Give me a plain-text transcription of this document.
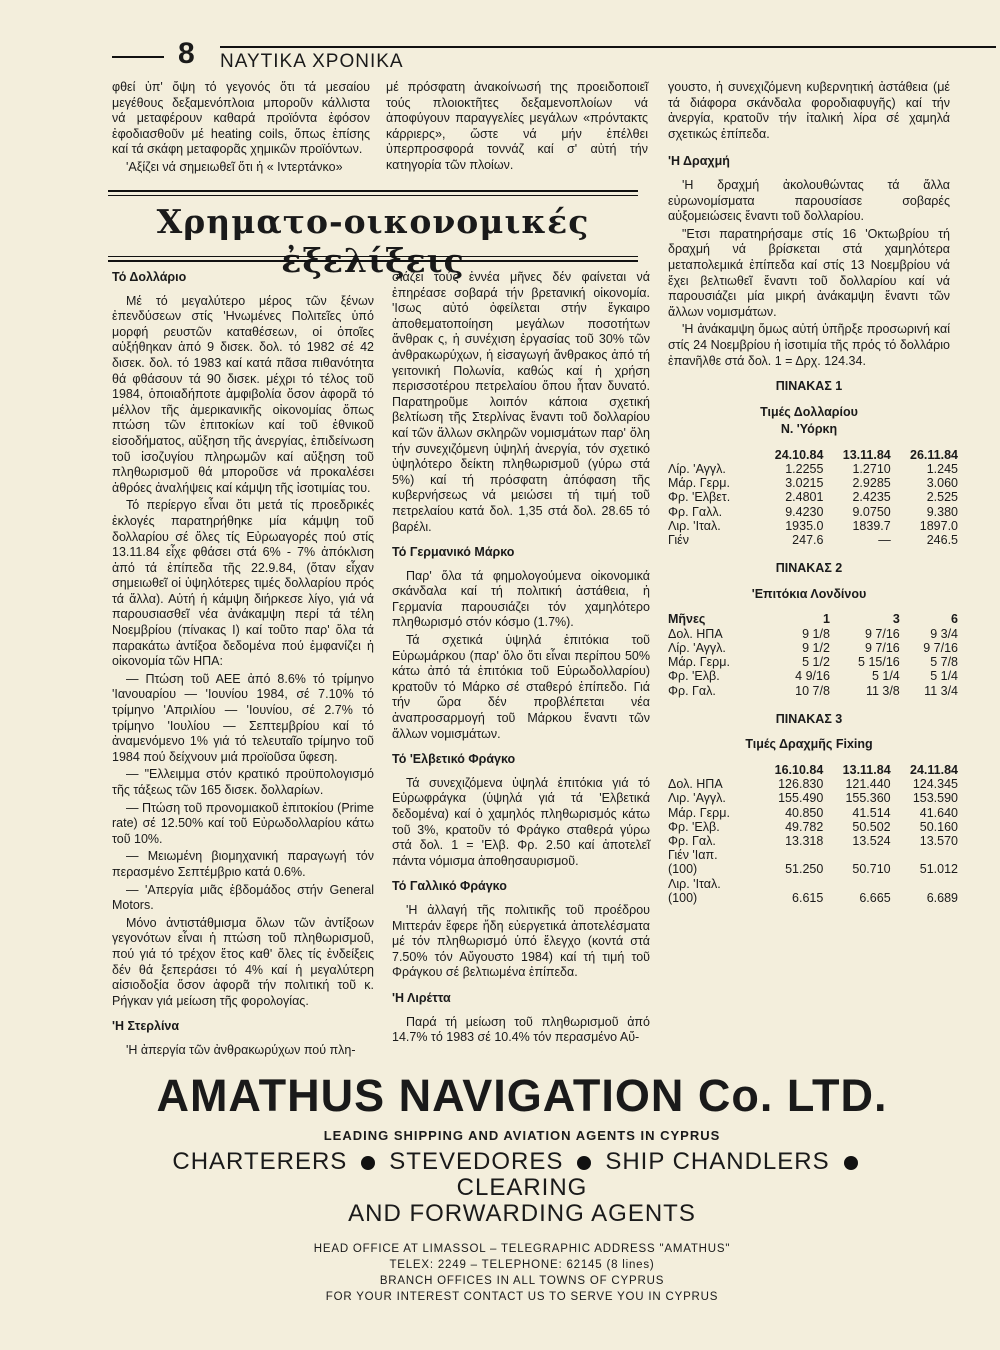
8 ΝΑΥΤΙΚΑ ΧΡΟΝΙΚΑ

φθεί ὑπ' ὄψη τό γεγονός ὅτι τά μεσαίου μεγέθους δεξαμενόπλοια μποροῦν κάλλιστα νά μεταφέρουν καθαρά προϊόντα ἐφόσον ἐφοδιασθοῦν μέ heating coils, ὅπως ἐπίσης καί τά σκάφη μεταφορᾶς χημικῶν προϊόντων.

'Αξίζει νά σημειωθεῖ ὅτι ἡ « Ιντερτάνκο»

μέ πρόσφατη ἀνακοίνωσή της προειδοποιεῖ τούς πλοιοκτῆτες δεξαμενοπλοίων νά ἀποφύγουν παραγγελίες μεγάλων «πρόντακτς κάρριερς», ὥστε νά μήν ἐπέλθει ὑπερπροσφορά τοννάζ καί σ' αὐτή τήν κατηγορία τῶν πλοίων.

Χρηματο-οικονομικές
Τό Δολλάριο

Μέ τό μεγαλύτερο μέρος τῶν ξένων ἐπενδύσεων στίς 'Ηνωμένες Πολιτεῖες ὑπό μορφή ρευστῶν καταθέσεων, οἱ ὁποῖες αὐξήθηκαν ἀπό 9 δισεκ. δολ. τό 1982 σέ 42 δισεκ. δολ. τό 1983 καί κατά πᾶσα πιθανότητα θά φθάσουν τά 90 δισεκ. μέχρι τό τέλος τοῦ 1984, ὁποιαδήποτε ἀμφιβολία ὅσον ἀφορᾶ τό μέλλον τῆς ἀμερικανικῆς οἰκονομίας ὅπως πτώση τῶν ἐπιτοκίων καί τοῦ ἐθνικοῦ εἰσοδήματος, αὔξηση τῆς ἀνεργίας, ἐπιδείνωση τοῦ ἰσοζυγίου πληρωμῶν καί αὔξηση τοῦ πληθωρισμοῦ θά μποροῦσε νά προκαλέσει ἀθρόες ἀναλήψεις καί κάμψη τῆς ἰσοτιμίας του.

Τό περίεργο εἶναι ὅτι μετά τίς προεδρικές ἐκλογές παρατηρήθηκε μία κάμψη τοῦ δολλαρίου σέ ὅλες τίς Εὐρωαγορές πού στίς 13.11.84 εἶχε φθάσει στά 6% - 7% ἀπόκλιση ἀπό τά ἐπίπεδα τῆς 22.9.84, (ὅταν εἶχαν σημειωθεῖ οἱ ὑψηλότερες τιμές δολλαρίου πρός τά ἄλλα). Αὐτή ἡ κάμψη διήρκεσε λίγο, γιά νά παρουσιασθεῖ νέα ἀνάκαμψη περί τά τέλη Νοεμβρίου (πίνακας Ι) καί τοῦτο παρ' ὅλα τά παρακάτω ἀντίξοα δεδομένα πού ἐμφανίζει ἡ οἰκονομία τῶν ΗΠΑ:

— Πτώση τοῦ ΑΕΕ ἀπό 8.6% τό τρίμηνο 'Ιανουαρίου — 'Ιουνίου 1984, σέ 7.10% τό τρίμηνο 'Απριλίου — 'Ιουνίου, σέ 2.7% τό τρίμηνο 'Ιουλίου — Σεπτεμβρίου καί τό ἀναμενόμενο 1% γιά τό τελευταῖο τρίμηνο τοῦ 1984 πού δείχνουν μιά προϊοῦσα ὕφεση.

— "Ελλειμμα στόν κρατικό προϋπολογισμό τῆς τάξεως τῶν 165 δισεκ. δολλαρίων.

— Πτώση τοῦ προνομιακοῦ ἐπιτοκίου (Prime rate) σέ 12.50% καί τοῦ Εὐρωδολλαρίου κάτω τοῦ 10%.

— Μειωμένη βιομηχανική παραγωγή τόν περασμένο Σεπτέμβριο κατά 0.6%.

— 'Απεργία μιᾶς ἑβδομάδος στήν General Motors.

Μόνο ἀντιστάθμισμα ὅλων τῶν ἀντίξοων γεγονότων εἶναι ἡ πτώση τοῦ πληθωρισμοῦ, πού γιά τό τρέχον ἔτος καθ' ὅλες τίς ἐνδείξεις δέν θά ξεπεράσει τό 4% καί ἡ μεγαλύτερη αἰσιοδοξία ὅσον ἀφορᾶ τήν πολιτική τοῦ κ. Ρήγκαν γιά μείωση τῆς φορολογίας.

'Η Στερλίνα

'Η ἀπεργία τῶν ἀνθρακωρύχων πού πλη-

σιάζει τούς ἐννέα μῆνες δέν φαίνεται νά ἐπηρέασε σοβαρά τήν βρετανική οἰκονομία. 'Ισως αὐτό ὀφείλεται στήν ἔγκαιρο ἀποθεματοποίηση μεγάλων ποσοτήτων ἄνθρακ ς, ἡ συνέχιση ἐργασίας τοῦ 30% τῶν ἀνθρακωρύχων, ἡ εἰσαγωγή ἄνθρακος ἀπό τή γειτονική Πολωνία, καθώς καί ἡ χρήση περισσοτέρου πετρελαίου ὅπου ἦταν δυνατό. Παρατηροῦμε λοιπόν κάποια σχετική βελτίωση τῆς Στερλίνας ἔναντι τοῦ δολλαρίου καί τῶν ἄλλων σκληρῶν νομισμάτων παρ' ὅλη τήν συνεχιζόμενη ὑψηλή ἀνεργία, τόν σχετικό ὑψηλότερο δείκτη πληθωρισμοῦ (γύρω στά 5%) καί τή πρόσφατη ἀπόφαση τῆς κυβερνήσεως νά μειώσει τή τιμή τοῦ πετρελαίου κατά δολ. 1,35 στά δολ. 28.65 τό βαρέλι.

Τό Γερμανικό Μάρκο

Παρ' ὅλα τά φημολογούμενα οἰκονομικά σκάνδαλα καί τή πολιτική ἀστάθεια, ἡ Γερμανία παρουσιάζει τόν χαμηλότερο πληθωρισμό στόν κόσμο (1.7%).

Τά σχετικά ὑψηλά ἐπιτόκια τοῦ Εὐρωμάρκου (παρ' ὅλο ὅτι εἶναι περίπου 50% κάτω ἀπό τά ἐπιτόκια τοῦ Εὐρωδολλαρίου) κρατοῦν τό Μάρκο σέ σταθερό ἐπίπεδο. Γιά τήν ὥρα δέν προβλέπεται νέα ἀναπροσαρμογή τοῦ Μάρκου ἔναντι τῶν ἄλλων νομισμάτων.

Τό 'Ελβετικό Φράγκο

Τά συνεχιζόμενα ὑψηλά ἐπιτόκια γιά τό Εὐρωφράγκα (ὑψηλά γιά τά 'Ελβετικά δεδομένα) καί ὁ χαμηλός πληθωρισμός κάτω τοῦ 3%, κρατοῦν τό Φράγκο σταθερά γύρω στά δολ. 1 = 'Ελβ. Φρ. 2.50 καί ἀποτελεῖ πάντα νόμισμα ἀποθησαυρισμοῦ.

Τό Γαλλικό Φράγκο

'Η ἀλλαγή τῆς πολιτικῆς τοῦ προέδρου Μιττεράν ἔφερε ἤδη εὐεργετικά ἀποτελέσματα μέ τόν πληθωρισμό ὑπό ἔλεγχο (κοντά στά 7.50% τόν Αὔγουστο 1984) καί τή τιμή τοῦ Φράγκου σέ βελτιωμένα ἐπίπεδα.

'Η Λιρέττα

Παρά τή μείωση τοῦ πληθωρισμοῦ ἀπό 14.7% τό 1983 σέ 10.4% τόν περασμένο Αὔ-

γουστο, ἡ συνεχιζόμενη κυβερνητική ἀστάθεια (μέ τά διάφορα σκάνδαλα φοροδιαφυγῆς) καί τήν ἀνεργία, κρατοῦν τήν ἰταλική λίρα σέ χαμηλά σχετικώς ἐπίπεδα.

'Η Δραχμή

'Η δραχμή ἀκολουθώντας τά ἄλλα εὐρωνομίσματα παρουσίασε σοβαρές αὐξομειώσεις ἔναντι τοῦ δολλαρίου.

"Ετσι παρατηρήσαμε στίς 16 'Οκτωβρίου τή δραχμή νά βρίσκεται στά χαμηλότερα μεταπολεμικά ἐπίπεδα καί στίς 13 Νοεμβρίου νά ἔχει βελτιωθεῖ ἔναντι τοῦ δολλαρίου καί νά παρουσιάζει μία μικρή ἀνάκαμψη ἔναντι τῶν ἄλλων νομισμάτων.

'Η ἀνάκαμψη ὅμως αὐτή ὑπῆρξε προσωρινή καί στίς 24 Νοεμβρίου ἡ ἰσοτιμία τῆς πρός τό δολλάριο ἐπανῆλθε στά δολ. 1 = Δρχ. 124.34.

ΠΙΝΑΚΑΣ 1

Τιμές Δολλαρίου

Ν. 'Υόρκη

	24.10.84	13.11.84	26.11.84
Λίρ. 'Αγγλ.	1.2255	1.2710	1.245
Μάρ. Γερμ.	3.0215	2.9285	3.060
Φρ. 'Ελβετ.	2.4801	2.4235	2.525
Φρ. Γαλλ.	9.4230	9.0750	9.380
Λιρ. 'Ιταλ.	1935.0	1839.7	1897.0
Γιέν	247.6	—	246.5

ΠΙΝΑΚΑΣ 2

'Επιτόκια Λονδίνου

Μῆνες	1	3	6
Δολ. ΗΠΑ	9 1/8	9 7/16	9 3/4
Λίρ. 'Αγγλ.	9 1/2	9 7/16	9 7/16
Μάρ. Γερμ.	5 1/2	5 15/16	5 7/8
Φρ. 'Ελβ.	4 9/16	5 1/4	5 1/4
Φρ. Γαλ.	10 7/8	11 3/8	11 3/4

ΠΙΝΑΚΑΣ 3

Τιμές Δραχμῆς Fixing

	16.10.84	13.11.84	24.11.84
Δολ. ΗΠΑ	126.830	121.440	124.345
Λιρ. 'Αγγλ.	155.490	155.360	153.590
Μάρ. Γερμ.	40.850	41.514	41.640
Φρ. 'Ελβ.	49.782	50.502	50.160
Φρ. Γαλ.	13.318	13.524	13.570
Γιέν 'Ιαπ.			
(100)	51.250	50.710	51.012
Λιρ. 'Ιταλ.			
(100)	6.615	6.665	6.689
AMATHUS NAVIGATION Co. LTD.
LEADING SHIPPING AND AVIATION AGENTS IN CYPRUS
CHARTERERS STEVEDORES SHIP CHANDLERSCLEARING
AND FORWARDING AGENTS
HEAD OFFICE AT LIMASSOL – TELEGRAPHIC ADDRESS "AMATHUS"
TELEX: 2249 – TELEPHONE: 62145 (8 lines)
BRANCH OFFICES IN ALL TOWNS OF CYPRUS
FOR YOUR INTEREST CONTACT US TO SERVE YOU IN CYPRUS
